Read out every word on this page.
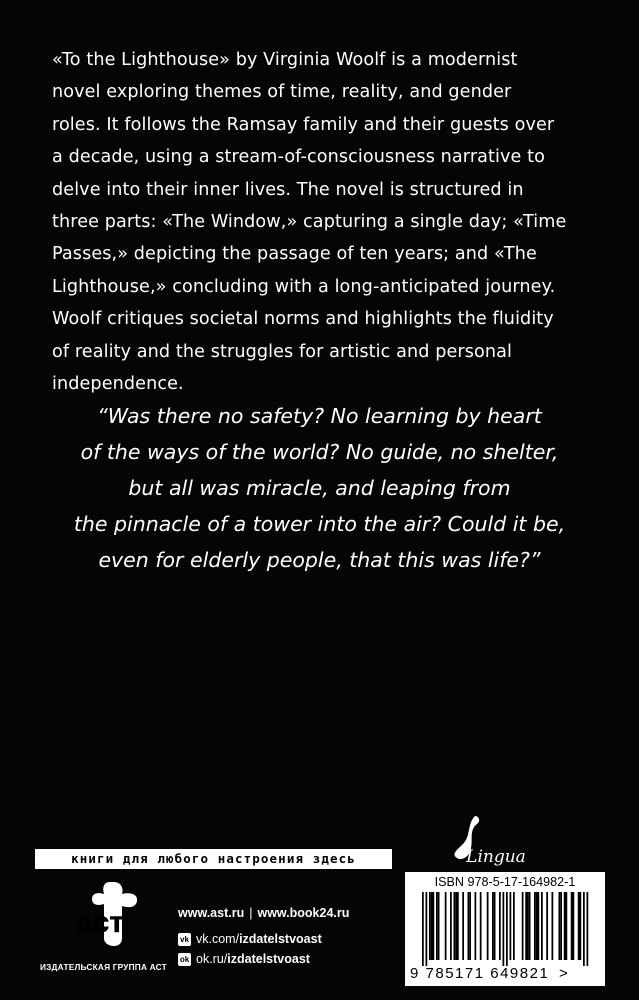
«To the Lighthouse» by Virginia Woolf is a modernist
novel exploring themes of time, reality, and gender
roles. It follows the Ramsay family and their guests over
a decade, using a stream-of-consciousness narrative to
delve into their inner lives. The novel is structured in
three parts: «The Window,» capturing a single day; «Time
Passes,» depicting the passage of ten years; and «The
Lighthouse,» concluding with a long-anticipated journey.
Woolf critiques societal norms and highlights the fluidity
of reality and the struggles for artistic and personal
independence.
“Was there no safety? No learning by heart
of the ways of the world? No guide, no shelter,
but all was miracle, and leaping from
the pinnacle of a tower into the air? Could it be,
even for elderly people, that this was life?”
книги для любого настроения здесь
аст
ИЗДАТЕЛЬСКАЯ ГРУППА АСТ
www.ast.ru | www.book24.ru
vk vk.com/ izdatelstvoast
ok ok.ru/ izdatelstvoast
Lingua
ISBN 978-5-17-164982-1
9 785171 649821 >
